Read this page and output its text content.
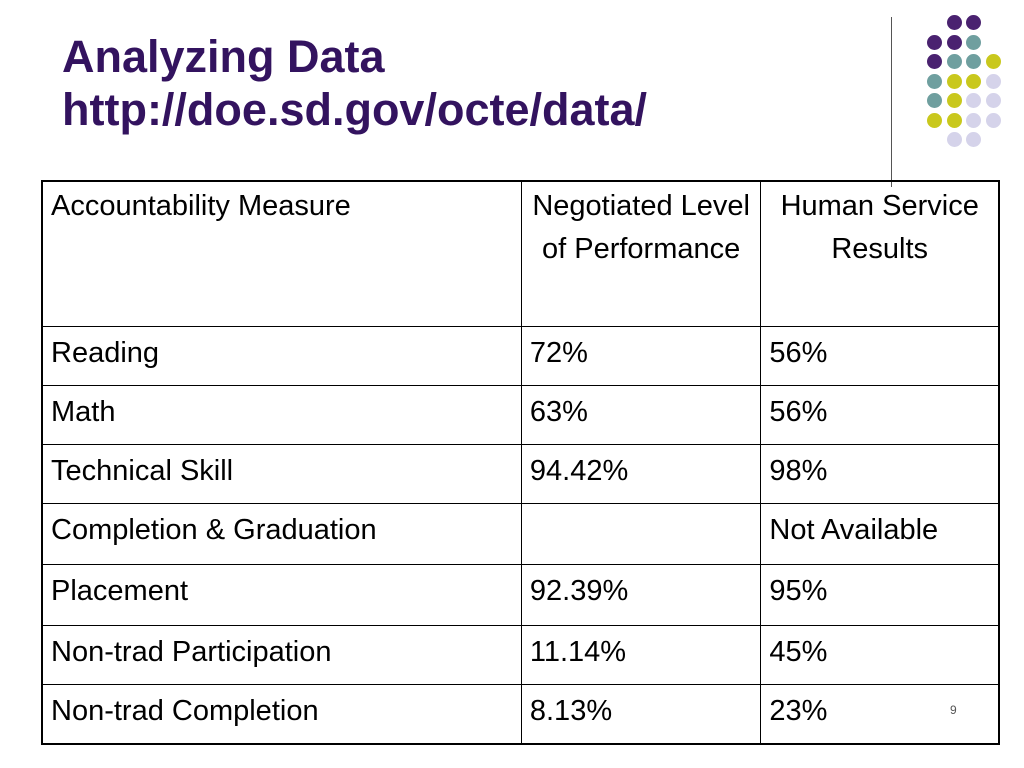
Analyzing Data
http://doe.sd.gov/octe/data/
Accountability Measure	Negotiated Level of Performance	Human Service Results
Reading	72%	56%
Math	63%	56%
Technical Skill	94.42%	98%
Completion & Graduation		Not Available
Placement	92.39%	95%
Non-trad Participation	11.14%	45%
Non-trad Completion	8.13%	23%	9
